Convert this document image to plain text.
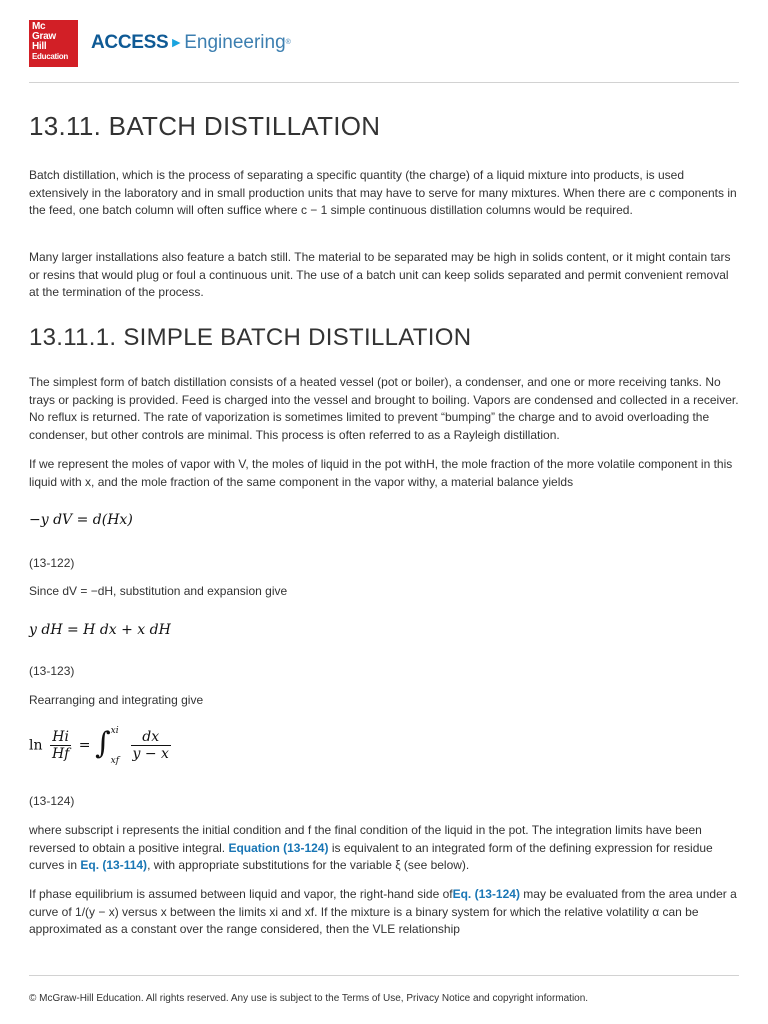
Mc
Graw
Hill
Education
ACCESS►Engineering®
13.11. BATCH DISTILLATION

Batch distillation, which is the process of separating a specific quantity (the charge) of a liquid mixture into products, is used extensively in the laboratory and in small production units that may have to serve for many mixtures. When there are c components in the feed, one batch column will often suffice where c − 1 simple continuous distillation columns would be required.

Many larger installations also feature a batch still. The material to be separated may be high in solids content, or it might contain tars or resins that would plug or foul a continuous unit. The use of a batch unit can keep solids separated and permit convenient removal at the termination of the process.

13.11.1. SIMPLE BATCH DISTILLATION

The simplest form of batch distillation consists of a heated vessel (pot or boiler), a condenser, and one or more receiving tanks. No trays or packing is provided. Feed is charged into the vessel and brought to boiling. Vapors are condensed and collected in a receiver. No reflux is returned. The rate of vaporization is sometimes limited to prevent “bumping” the charge and to avoid overloading the condenser, but other controls are minimal. This process is often referred to as a Rayleigh distillation.

If we represent the moles of vapor with V, the moles of liquid in the pot withH, the mole fraction of the more volatile component in this liquid with x, and the mole fraction of the same component in the vapor withy, a material balance yields

−y dV = d(Hx)
(13-122)

Since dV = −dH, substitution and expansion give

y dH = H dx + x dH
(13-123)

Rearranging and integrating give

$\ln \frac{Hi}{Hf}$ = ∫ xi
xf
$\frac{dx}{y - x}$
(13-124)

where subscript i represents the initial condition and f the final condition of the liquid in the pot. The integration limits have been reversed to obtain a positive integral. Equation (13-124) is equivalent to an integrated form of the defining expression for residue curves in Eq. (13-114), with appropriate substitutions for the variable ξ (see below).

If phase equilibrium is assumed between liquid and vapor, the right-hand side ofEq. (13-124) may be evaluated from the area under a curve of 1/(y − x) versus x between the limits xi and xf. If the mixture is a binary system for which the relative volatility α can be approximated as a constant over the range considered, then the VLE relationship

© McGraw-Hill Education. All rights reserved. Any use is subject to the Terms of Use, Privacy Notice and copyright information.
